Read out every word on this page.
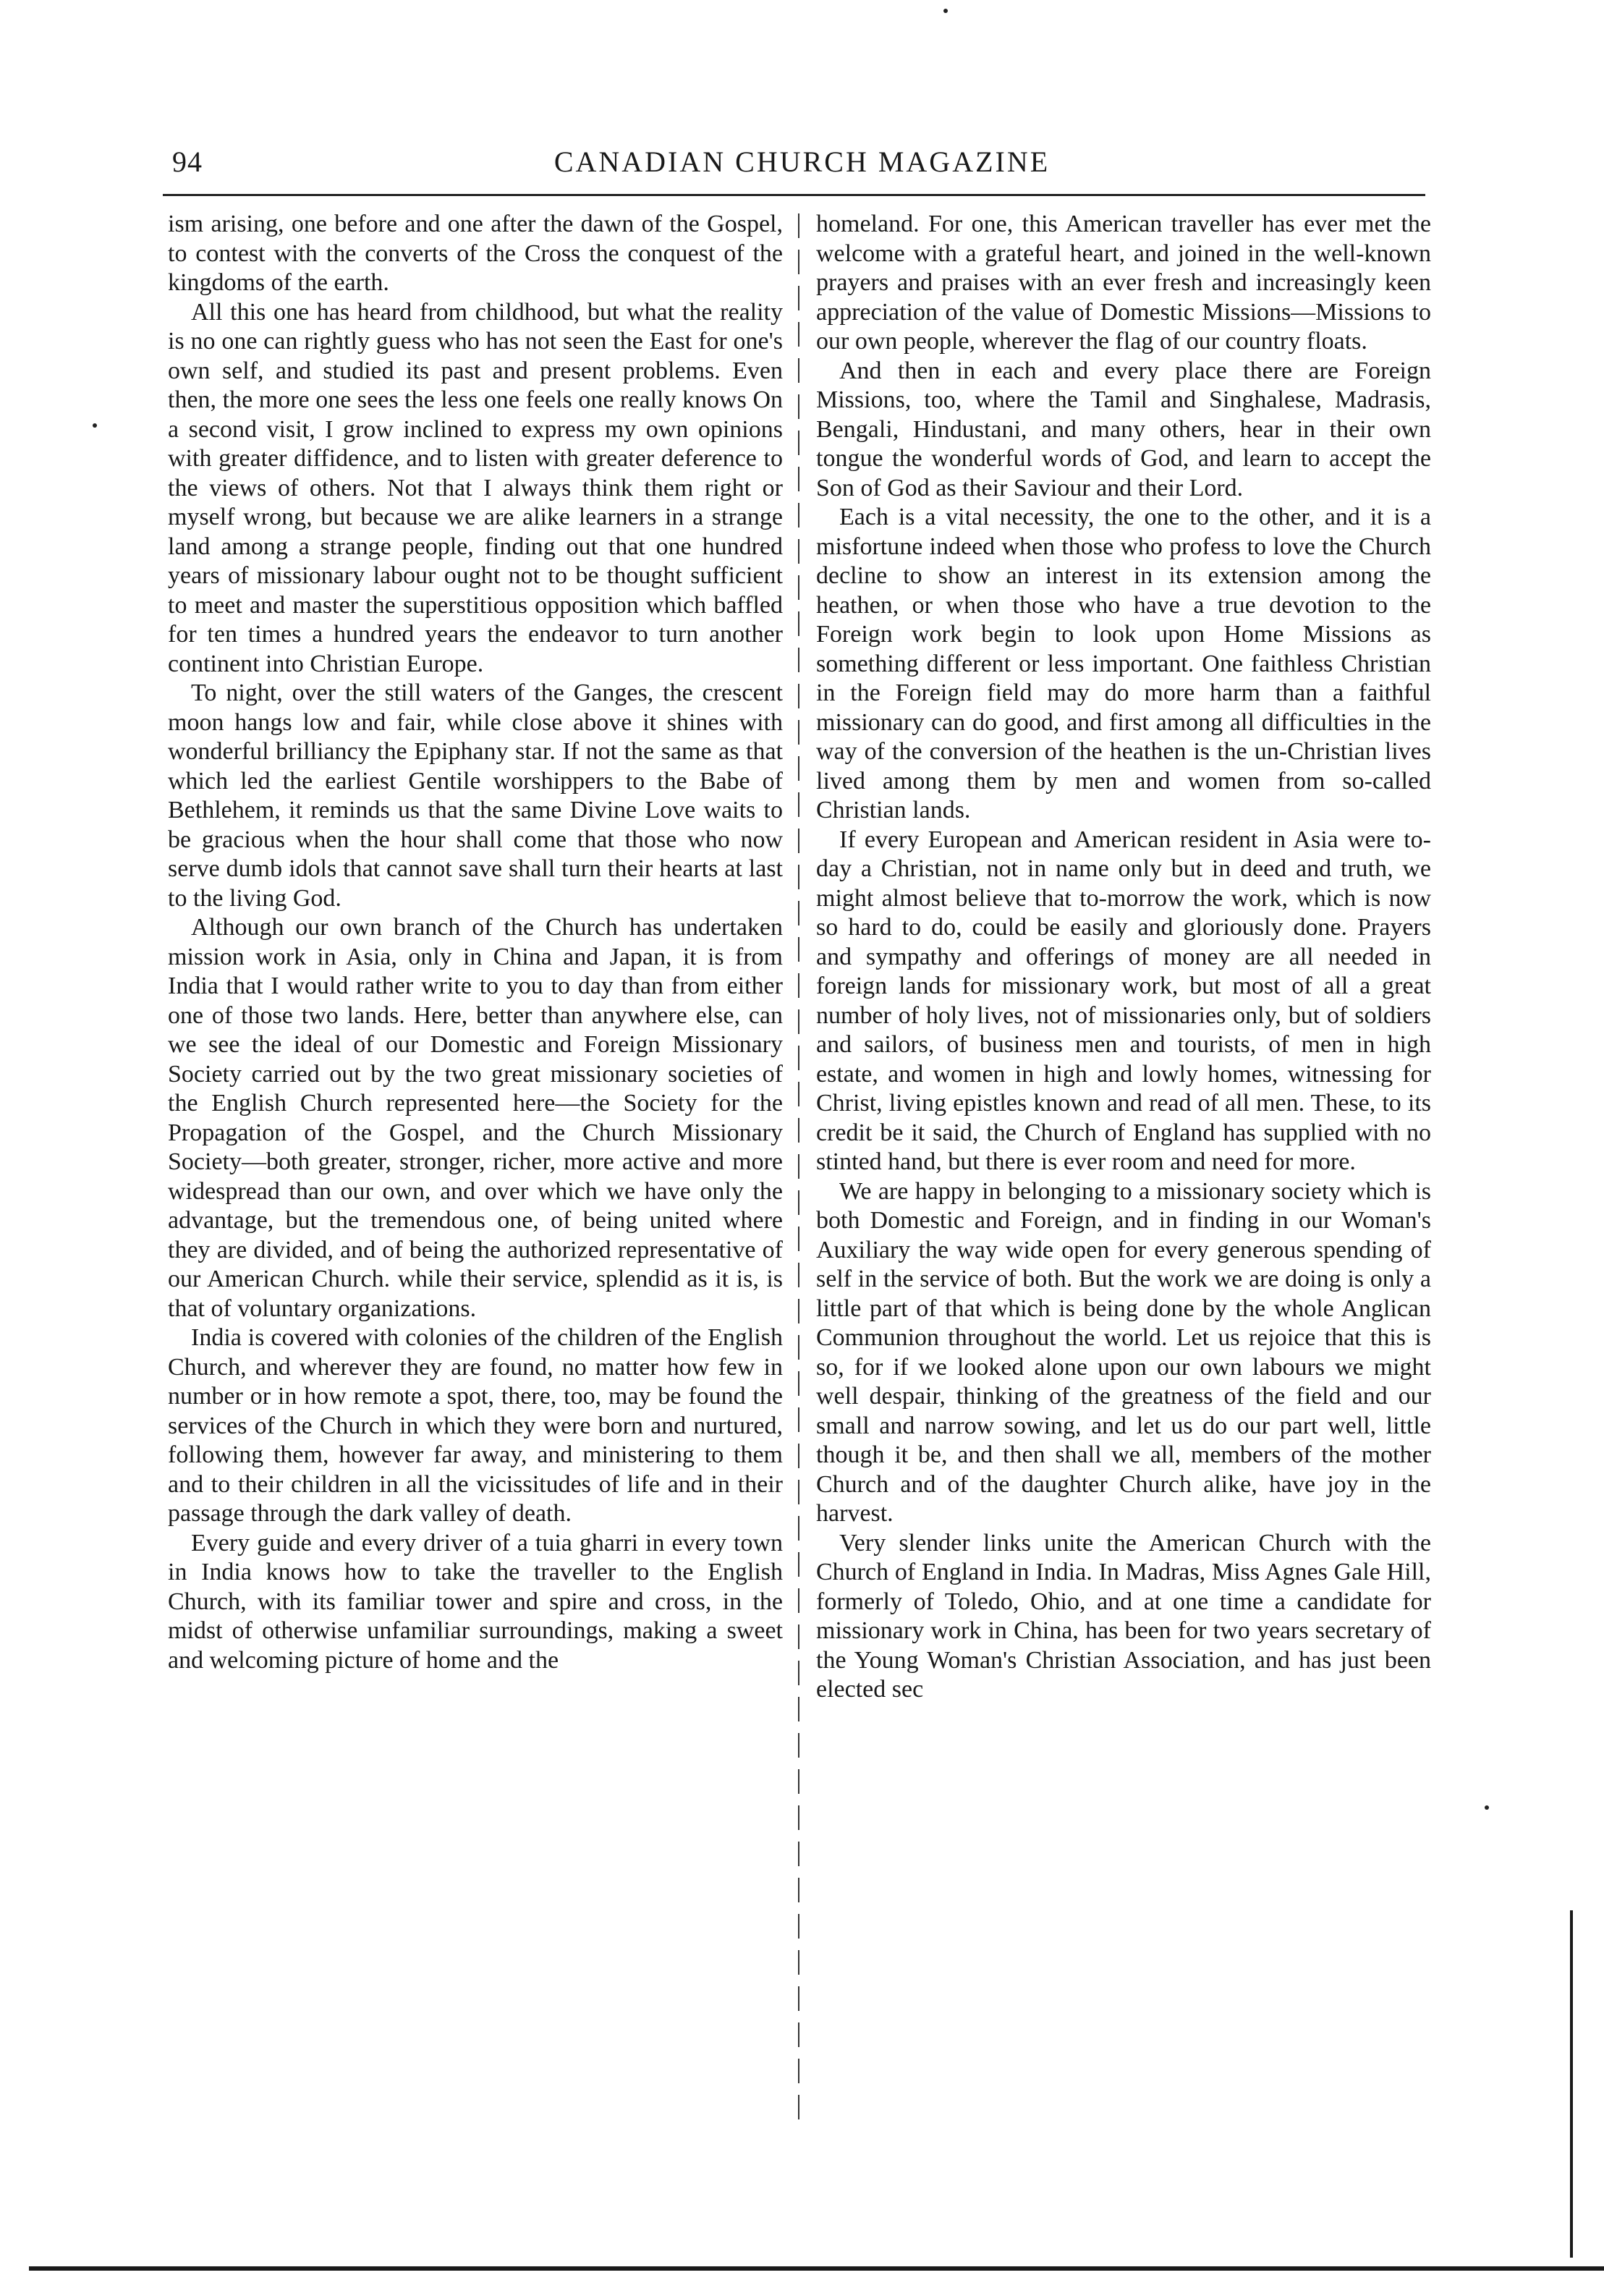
94	CANADIAN CHURCH MAGAZINE

ism arising, one before and one after the dawn of the Gospel, to contest with the converts of the Cross the conquest of the kingdoms of the earth.

All this one has heard from childhood, but what the reality is no one can rightly guess who has not seen the East for one's own self, and studied its past and present problems. Even then, the more one sees the less one feels one really knows On a second visit, I grow inclined to express my own opinions with greater diffidence, and to listen with greater deference to the views of others. Not that I always think them right or myself wrong, but because we are alike learners in a strange land among a strange people, finding out that one hundred years of missionary labour ought not to be thought sufficient to meet and master the superstitious opposition which baffled for ten times a hundred years the endeavor to turn another continent into Christian Europe.

To night, over the still waters of the Ganges, the crescent moon hangs low and fair, while close above it shines with wonderful brilliancy the Epiphany star. If not the same as that which led the earliest Gentile worshippers to the Babe of Bethlehem, it reminds us that the same Divine Love waits to be gracious when the hour shall come that those who now serve dumb idols that cannot save shall turn their hearts at last to the living God.

Although our own branch of the Church has undertaken mission work in Asia, only in China and Japan, it is from India that I would rather write to you to day than from either one of those two lands. Here, better than anywhere else, can we see the ideal of our Domestic and Foreign Missionary Society carried out by the two great missionary societies of the English Church represented here—the Society for the Propagation of the Gospel, and the Church Missionary Society—both greater, stronger, richer, more active and more widespread than our own, and over which we have only the advantage, but the tremendous one, of being united where they are divided, and of being the authorized representative of our American Church. while their service, splendid as it is, is that of voluntary organizations.

India is covered with colonies of the children of the English Church, and wherever they are found, no matter how few in number or in how remote a spot, there, too, may be found the services of the Church in which they were born and nurtured, following them, however far away, and ministering to them and to their children in all the vicissitudes of life and in their passage through the dark valley of death.

Every guide and every driver of a tuia gharri in every town in India knows how to take the traveller to the English Church, with its familiar tower and spire and cross, in the midst of otherwise unfamiliar surroundings, making a sweet and welcoming picture of home and the

homeland. For one, this American traveller has ever met the welcome with a grateful heart, and joined in the well-known prayers and praises with an ever fresh and increasingly keen appreciation of the value of Domestic Missions—Missions to our own people, wherever the flag of our country floats.

And then in each and every place there are Foreign Missions, too, where the Tamil and Singhalese, Madrasis, Bengali, Hindustani, and many others, hear in their own tongue the wonderful words of God, and learn to accept the Son of God as their Saviour and their Lord.

Each is a vital necessity, the one to the other, and it is a misfortune indeed when those who profess to love the Church decline to show an interest in its extension among the heathen, or when those who have a true devotion to the Foreign work begin to look upon Home Missions as something different or less important. One faithless Christian in the Foreign field may do more harm than a faithful missionary can do good, and first among all difficulties in the way of the conversion of the heathen is the un-Christian lives lived among them by men and women from so-called Christian lands.

If every European and American resident in Asia were to-day a Christian, not in name only but in deed and truth, we might almost believe that to-morrow the work, which is now so hard to do, could be easily and gloriously done. Prayers and sympathy and offerings of money are all needed in foreign lands for missionary work, but most of all a great number of holy lives, not of missionaries only, but of soldiers and sailors, of business men and tourists, of men in high estate, and women in high and lowly homes, witnessing for Christ, living epistles known and read of all men. These, to its credit be it said, the Church of England has supplied with no stinted hand, but there is ever room and need for more.

We are happy in belonging to a missionary society which is both Domestic and Foreign, and in finding in our Woman's Auxiliary the way wide open for every generous spending of self in the service of both. But the work we are doing is only a little part of that which is being done by the whole Anglican Communion throughout the world. Let us rejoice that this is so, for if we looked alone upon our own labours we might well despair, thinking of the greatness of the field and our small and narrow sowing, and let us do our part well, little though it be, and then shall we all, members of the mother Church and of the daughter Church alike, have joy in the harvest.

Very slender links unite the American Church with the Church of England in India. In Madras, Miss Agnes Gale Hill, formerly of Toledo, Ohio, and at one time a candidate for missionary work in China, has been for two years secretary of the Young Woman's Christian Association, and has just been elected sec
